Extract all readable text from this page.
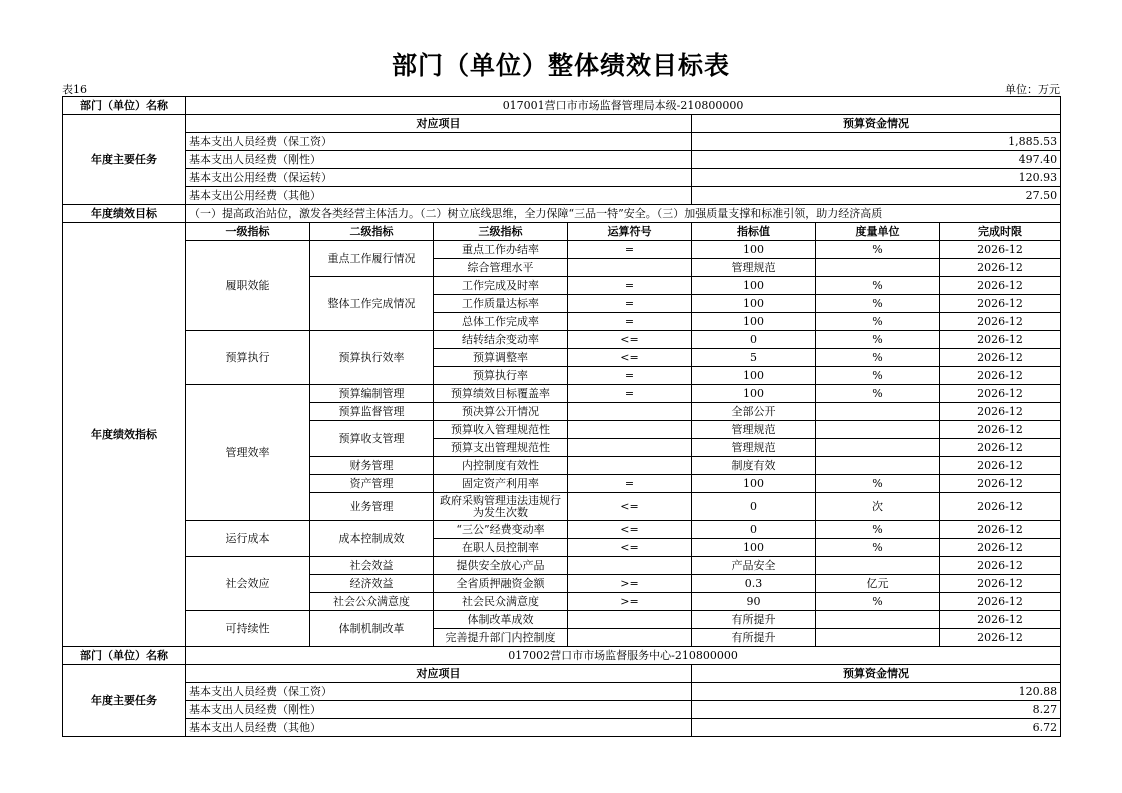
部门（单位）整体绩效目标表
表16	单位：万元
部门（单位）名称	017001营口市市场监督管理局本级-210800000						
年度主要任务	对应项目				预算资金情况		
	基本支出人员经费（保工资）				1,885.53		
	基本支出人员经费（刚性）				497.40		
	基本支出公用经费（保运转）				120.93		
	基本支出公用经费（其他）				27.50		
年度绩效目标	（一）提高政治站位，激发各类经营主体活力。（二）树立底线思维，全力保障“三品一特”安全。（三）加强质量支撑和标准引领，助力经济高质						
年度绩效指标	一级指标	二级指标	三级指标	运算符号	指标值	度量单位	完成时限
	履职效能	重点工作履行情况	重点工作办结率	=	100	%	2026-12
			综合管理水平		管理规范		2026-12
		整体工作完成情况	工作完成及时率	=	100	%	2026-12
			工作质量达标率	=	100	%	2026-12
			总体工作完成率	=	100	%	2026-12
	预算执行	预算执行效率	结转结余变动率	<=	0	%	2026-12
			预算调整率	<=	5	%	2026-12
			预算执行率	=	100	%	2026-12
	管理效率	预算编制管理	预算绩效目标覆盖率	=	100	%	2026-12
		预算监督管理	预决算公开情况		全部公开		2026-12
		预算收支管理	预算收入管理规范性		管理规范		2026-12
			预算支出管理规范性		管理规范		2026-12
		财务管理	内控制度有效性		制度有效		2026-12
		资产管理	固定资产利用率	=	100	%	2026-12
		业务管理	政府采购管理违法违规行为发生次数	<=	0	次	2026-12
	运行成本	成本控制成效	“三公”经费变动率	<=	0	%	2026-12
			在职人员控制率	<=	100	%	2026-12
	社会效应	社会效益	提供安全放心产品		产品安全		2026-12
		经济效益	全省质押融资金额	>=	0.3	亿元	2026-12
		社会公众满意度	社会民众满意度	>=	90	%	2026-12
	可持续性	体制机制改革	体制改革成效		有所提升		2026-12
			完善提升部门内控制度		有所提升		2026-12
部门（单位）名称	017002营口市市场监督服务中心-210800000						
年度主要任务	对应项目				预算资金情况		
	基本支出人员经费（保工资）				120.88		
	基本支出人员经费（刚性）				8.27		
	基本支出人员经费（其他）				6.72		
